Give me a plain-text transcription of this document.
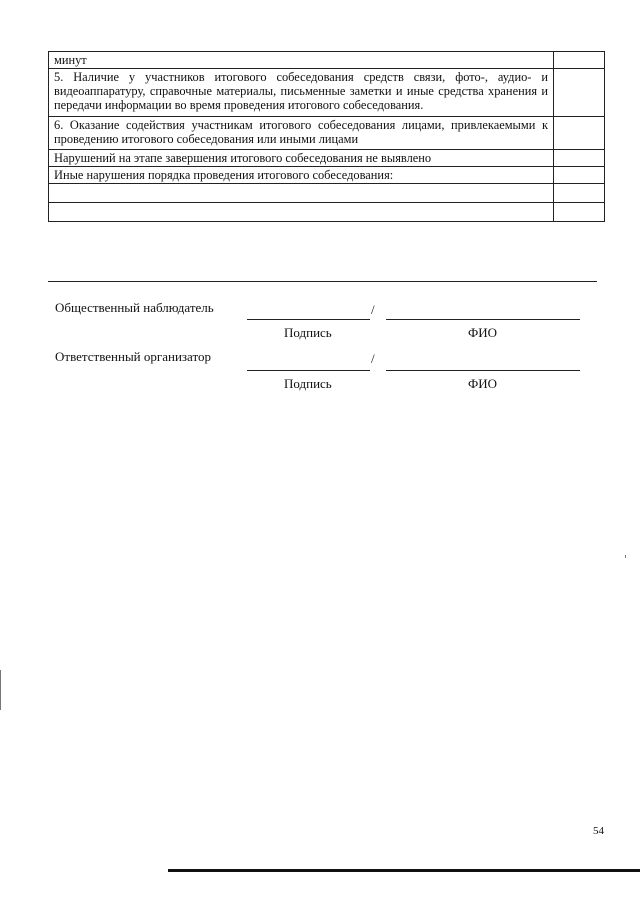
минут	
5. Наличие у участников итогового собеседования средств связи, фото-, аудио- и видеоаппаратуру, справочные материалы, письменные заметки и иные средства хранения и передачи информации во время проведения итогового собеседования.	
6. Оказание содействия участникам итогового собеседования лицами, привлекаемыми к проведению итогового собеседования или иными лицами	
Нарушений на этапе завершения итогового собеседования не выявлено	
Иные нарушения порядка проведения итогового собеседования:	

Общественный наблюдатель	/
Подпись	ФИО
Ответственный организатор	/
Подпись	ФИО
54
